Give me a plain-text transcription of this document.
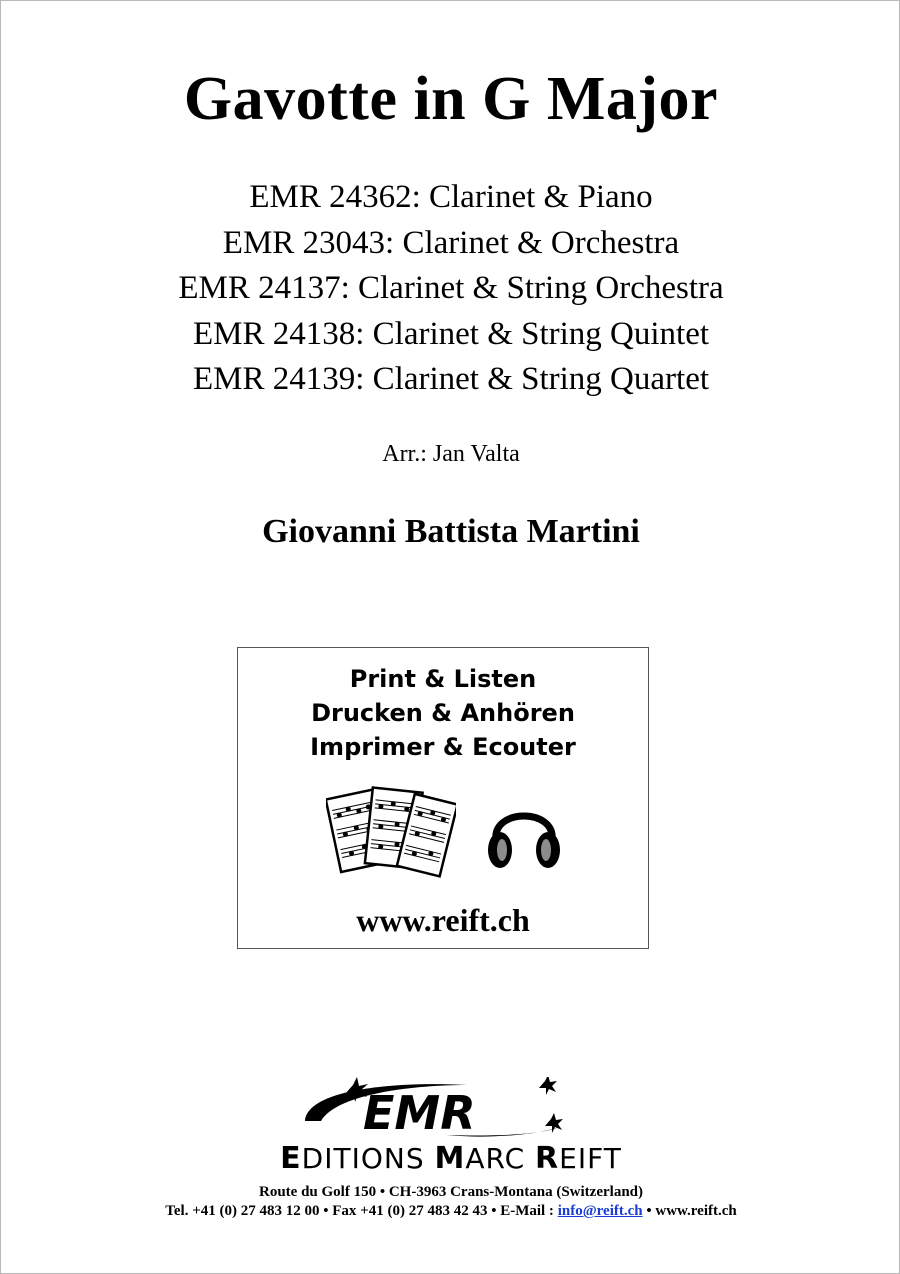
Gavotte in G Major
EMR 24362: Clarinet & Piano
EMR 23043: Clarinet & Orchestra
EMR 24137: Clarinet & String Orchestra
EMR 24138: Clarinet & String Quintet
EMR 24139: Clarinet & String Quartet
Arr.: Jan Valta
Giovanni Battista Martini
Print & Listen
Drucken & Anhören
Imprimer & Ecouter
www.reift.ch
EMR
EDITIONS MARC REIFT
Route du Golf 150 • CH-3963 Crans-Montana (Switzerland)
Tel. +41 (0) 27 483 12 00 • Fax +41 (0) 27 483 42 43 • E-Mail : info@reift.ch • www.reift.ch
